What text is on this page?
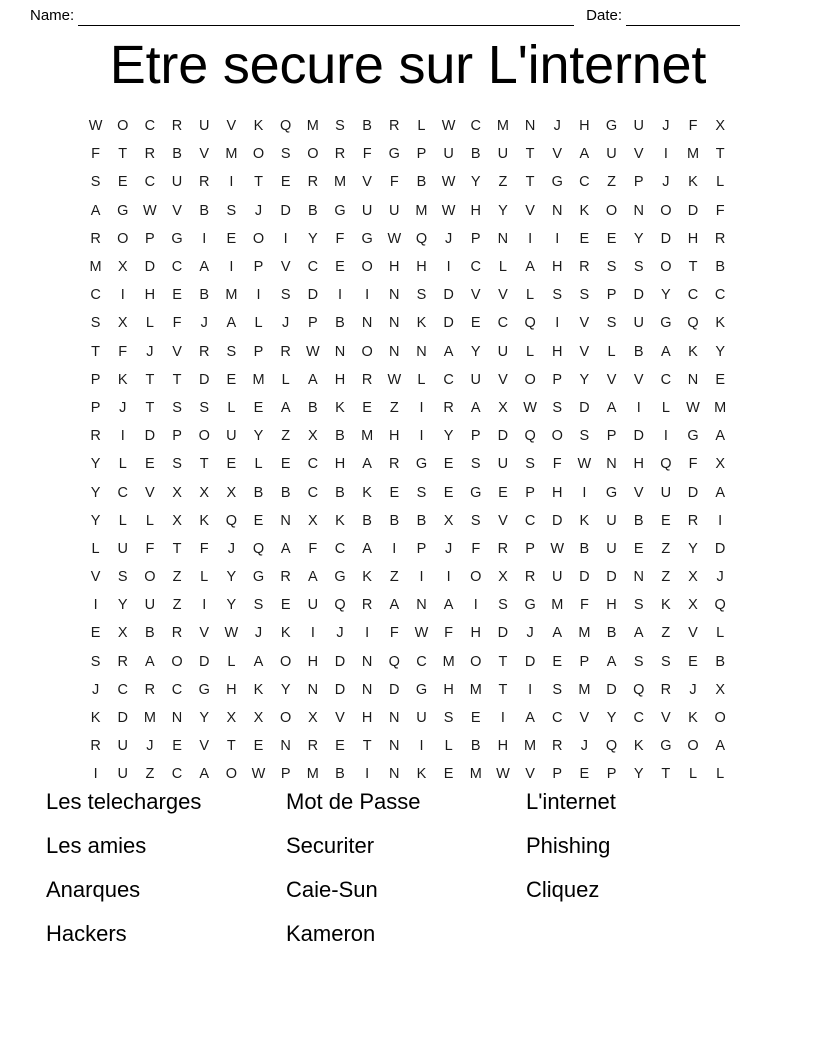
Name:	Date:
Etre secure sur L'internet
W	O	C	R	U	V	K	Q	M	S	B	R	L	W	C	M	N	J	H	G	U	J	F	X
F	T	R	B	V	M	O	S	O	R	F	G	P	U	B	U	T	V	A	U	V	I	M	T
S	E	C	U	R	I	T	E	R	M	V	F	B	W	Y	Z	T	G	C	Z	P	J	K	L
A	G	W	V	B	S	J	D	B	G	U	U	M W	H	Y	V	N	K	O	N	O	D	F
R	O	P	G	I	E	O	I	Y	F	G	W	Q	J	P	N	I	I	E	E	Y	D	H	R
M	X	D	C	A	I	P	V	C	E	O	H	H	I	C	L	A	H	R	S	S	O	T	B
C	I	H	E	B	M	I	S	D	I	I	N	S	D	V	V	L	S	S	P	D	Y	C	C
S	X	L	F	J	A	L	J	P	B	N	N	K	D	E	C	Q	I	V	S	U	G	Q	K
T	F	J	V	R	S	P	R	W	N	O	N	N	A	Y	U	L	H	V	L	B	A	K	Y
P	K	T	T	D	E	M	L	A	H	R	W	L	C	U	V	O	P	Y	V	V	C	N	E
P	J	T	S	S	L	E	A	B	K	E	Z	I	R	A	X	W	S	D	A	I	L	W M
R	I	D	P	O	U	Y	Z	X	B	M	H	I	Y	P	D	Q	O	S	P	D	I	G	A
Y	L	E	S	T	E	L	E	C	H	A	R	G	E	S	U	S	F	W	N	H	Q	F	X
Y	C	V	X	X	X	B	B	C	B	K	E	S	E	G	E	P	H	I	G	V	U	D	A
Y	L	L	X	K	Q	E	N	X	K	B	B	B	X	S	V	C	D	K	U	B	E	R	I
L	U	F	T	F	J	Q	A	F	C	A	I	P	J	F	R	P	W	B	U	E	Z	Y	D
V	S	O	Z	L	Y	G	R	A	G	K	Z	I	I	O	X	R	U	D	D	N	Z	X	J
I	Y	U	Z	I	Y	S	E	U	Q	R	A	N	A	I	S	G	M	F	H	S	K	X	Q
E	X	B	R	V	W	J	K	I	J	I	F	W	F	H	D	J	A	M	B	A	Z	V	L
S	R	A	O	D	L	A	O	H	D	N	Q	C	M	O	T	D	E	P	A	S	S	E	B
J	C	R	C	G	H	K	Y	N	D	N	D	G	H	M	T	I	S	M	D	Q	R	J	X
K	D	M	N	Y	X	X	O	X	V	H	N	U	S	E	I	A	C	V	Y	C	V	K	O
R	U	J	E	V	T	E	N	R	E	T	N	I	L	B	H	M	R	J	Q	K	G	O	A
I	U	Z	C	A	O	W	P	M	B	I	N	K	E	M W	V	P	E	P	Y	T	L	L
Les telecharges
Les amies
Anarques
Hackers
Mot de Passe
Securiter
Caie-Sun
Kameron
L'internet
Phishing
Cliquez
